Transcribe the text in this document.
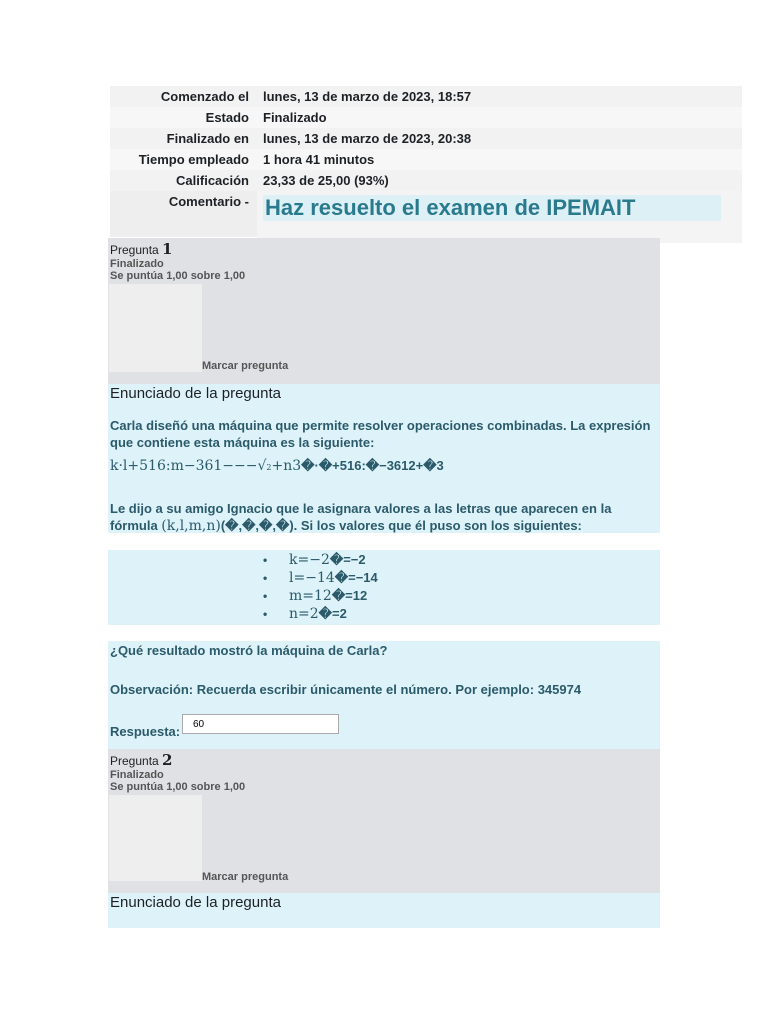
Comenzado el	lunes, 13 de marzo de 2023, 18:57
Estado	Finalizado
Finalizado en	lunes, 13 de marzo de 2023, 20:38
Tiempo empleado	1 hora 41 minutos
Calificación	23,33 de 25,00 (93%)
Comentario - Haz resuelto el examen de IPEMAIT
Pregunta 1
Finalizado
Se puntúa 1,00 sobre 1,00
Marcar pregunta
Enunciado de la pregunta
Carla diseñó una máquina que permite resolver operaciones combinadas. La expresión que contiene esta máquina es la siguiente:
k·l+516:m−361−−−√2+n3�·�+516:�−3612+�3
Le dijo a su amigo Ignacio que le asignara valores a las letras que aparecen en la fórmula (k,l,m,n)(�,�,�,�). Si los valores que él puso son los siguientes:
• k=−2�=−2
• l=−14�=−14
• m=12�=12
• n=2�=2
¿Qué resultado mostró la máquina de Carla?
Observación: Recuerda escribir únicamente el número. Por ejemplo: 345974
Respuesta:
60
Pregunta 2
Finalizado
Se puntúa 1,00 sobre 1,00
Marcar pregunta
Enunciado de la pregunta
